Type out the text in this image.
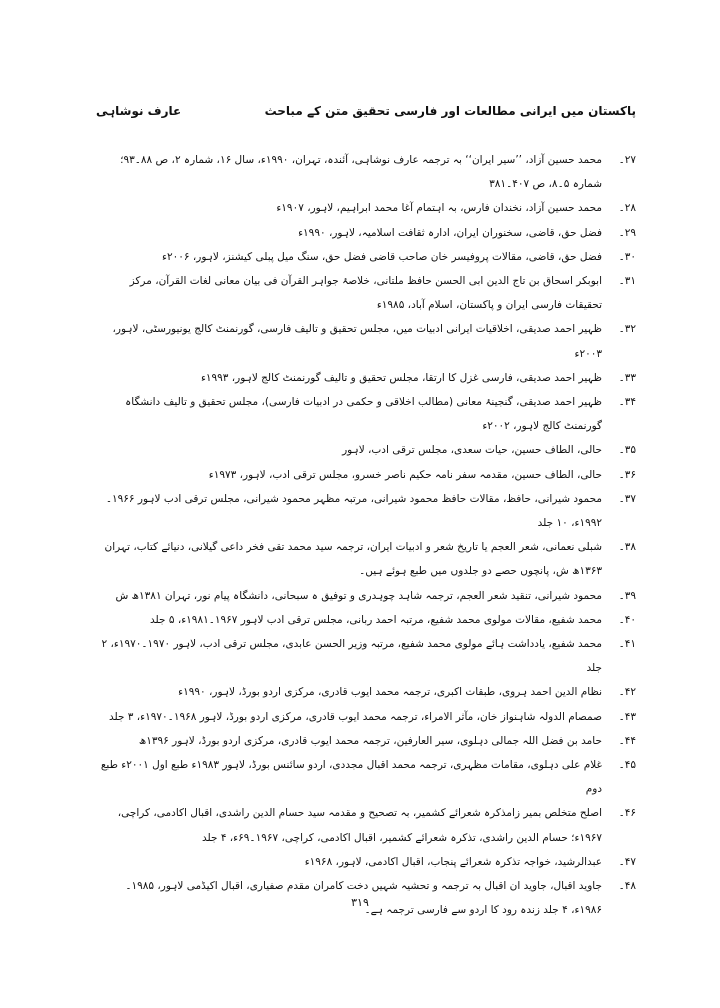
پاکستان میں ایرانی مطالعات اور فارسی تحقیق متن کے مباحث
عارف نوشاہی
۲۷۔
محمد حسین آزاد، ’’سیر ایران‘‘ بہ ترجمہ عارف نوشاہی، آئندہ، تہران، ۱۹۹۰ء، سال ۱۶، شمارہ ۲، ص ۸۸۔۹۳؛ شمارہ ۵۔۸، ص ۴۰۷۔۳۸۱
۲۸۔
محمد حسین آزاد، نخندان فارس، بہ اہتمام آغا محمد ابراہیم، لاہور، ۱۹۰۷ء
۲۹۔
فضل حق، قاضی، سخنوران ایران، ادارہ ثقافت اسلامیہ، لاہور، ۱۹۹۰ء
۳۰۔
فضل حق، قاضی، مقالات پروفیسر خان صاحب قاضی فضل حق، سنگ میل پبلی کیشنز، لاہور، ۲۰۰۶ء
۳۱۔
ابوبکر اسحاق بن تاج الدین ابی الحسن حافظ ملتانی، خلاصۂ جواہر القرآن فی بیان معانی لغات القرآن، مرکز تحقیقات فارسی ایران و پاکستان، اسلام آباد، ۱۹۸۵ء
۳۲۔
ظہیر احمد صدیقی، اخلاقیات ایرانی ادبیات میں، مجلس تحقیق و تالیف فارسی، گورنمنٹ کالج یونیورسٹی، لاہور، ۲۰۰۳ء
۳۳۔
ظہیر احمد صدیقی، فارسی غزل کا ارتقا، مجلس تحقیق و تالیف گورنمنٹ کالج لاہور، ۱۹۹۳ء
۳۴۔
ظہیر احمد صدیقی، گنجینۂ معانی (مطالب اخلاقی و حکمی در ادبیات فارسی)، مجلس تحقیق و تالیف دانشگاہ گورنمنٹ کالج لاہور، ۲۰۰۲ء
۳۵۔
حالی، الطاف حسین، حیات سعدی، مجلس ترقی ادب، لاہور
۳۶۔
حالی، الطاف حسین، مقدمہ سفر نامہ حکیم ناصر خسرو، مجلس ترقی ادب، لاہور، ۱۹۷۳ء
۳۷۔
محمود شیرانی، حافظ، مقالات حافظ محمود شیرانی، مرتبہ مظہر محمود شیرانی، مجلس ترقی ادب لاہور ۱۹۶۶۔۱۹۹۲ء، ۱۰ جلد
۳۸۔
شبلی نعمانی، شعر العجم یا تاریخ شعر و ادبیات ایران، ترجمہ سید محمد تقی فخر داعی گیلانی، دنیائے کتاب، تہران ۱۳۶۳ھ ش، پانچوں حصے دو جلدوں میں طبع ہوئے ہیں۔
۳۹۔
محمود شیرانی، تنقید شعر العجم، ترجمہ شاہد چوہدری و توفیق ہ سبحانی، دانشگاہ پیام نور، تہران ۱۳۸۱ھ ش
۴۰۔
محمد شفیع، مقالات مولوی محمد شفیع، مرتبہ احمد ربانی، مجلس ترقی ادب لاہور ۱۹۶۷۔۱۹۸۱ء، ۵ جلد
۴۱۔
محمد شفیع، یادداشت ہائے مولوی محمد شفیع، مرتبہ وزیر الحسن عابدی، مجلس ترقی ادب، لاہور ۱۹۷۰۔۱۹۷۰ء، ۲ جلد
۴۲۔
نظام الدین احمد ہروی، طبقات اکبری، ترجمہ محمد ایوب قادری، مرکزی اردو بورڈ، لاہور، ۱۹۹۰ء
۴۳۔
صمصام الدولہ شاہنواز خان، مآثر الامراء، ترجمہ محمد ایوب قادری، مرکزی اردو بورڈ، لاہور ۱۹۶۸۔۱۹۷۰ء، ۳ جلد
۴۴۔
حامد بن فضل اللہ جمالی دہلوی، سیر العارفین، ترجمہ محمد ایوب قادری، مرکزی اردو بورڈ، لاہور ۱۳۹۶ھ
۴۵۔
غلام علی دہلوی، مقامات مظہری، ترجمہ محمد اقبال مجددی، اردو سائنس بورڈ، لاہور ۱۹۸۳ء طبع اول ۲۰۰۱ء طبع دوم
۴۶۔
اصلح متخلص بمیر زامذکرہ شعرائے کشمیر، بہ تصحیح و مقدمہ سید حسام الدین راشدی، اقبال اکادمی، کراچی، ۱۹۶۷ء؛ حسام الدین راشدی، تذکرہ شعرائے کشمیر، اقبال اکادمی، کراچی، ۱۹۶۷۔۶۹ء، ۴ جلد
۴۷۔
عبدالرشید، خواجہ تذکرہ شعرائے پنجاب، اقبال اکادمی، لاہور، ۱۹۶۸ء
۴۸۔
جاوید اقبال، جاوید ان اقبال بہ ترجمہ و تحشیہ شہیں دخت کامران مقدم صفیاری، اقبال اکیڈمی لاہور، ۱۹۸۵۔۱۹۸۶ء، ۴ جلد زندہ رود کا اردو سے فارسی ترجمہ ہے۔
۳۱۹
